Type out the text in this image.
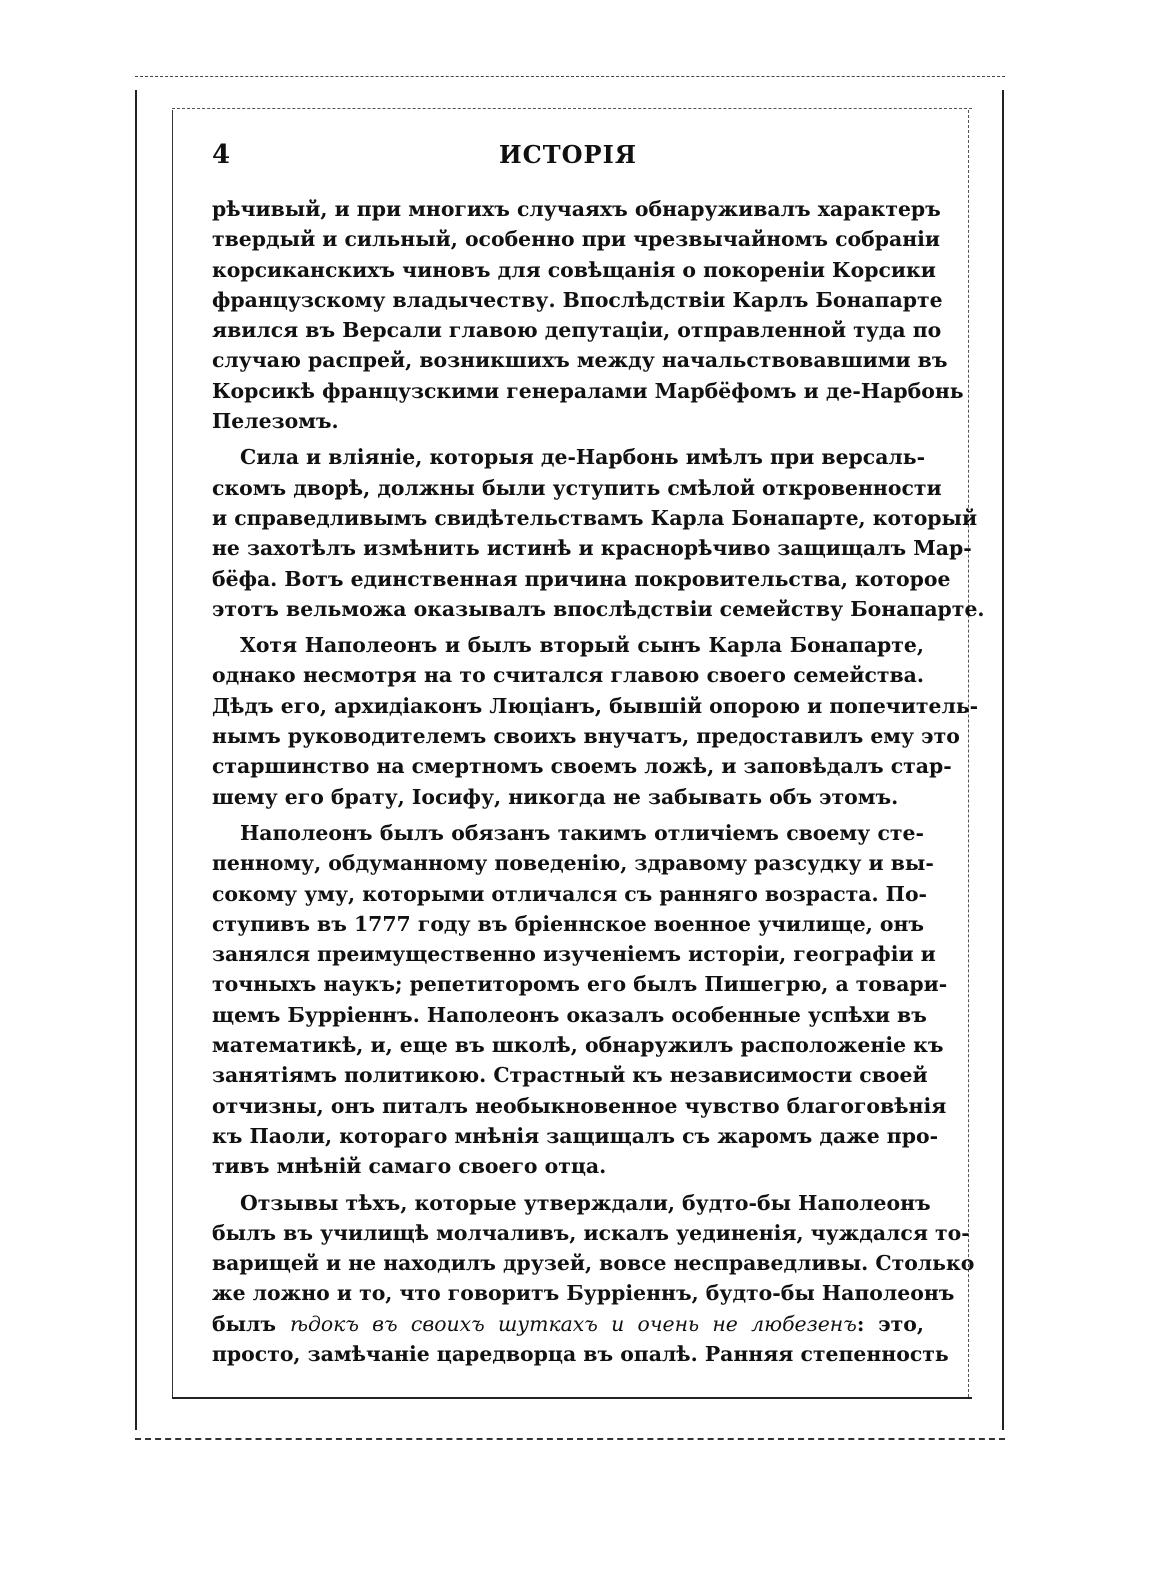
4	ИСТОРІЯ

рѣчивый, и при многихъ случаяхъ обнаруживалъ характеръ
твердый и сильный, особенно при чрезвычайномъ собраніи
корсиканскихъ чиновъ для совѣщанія о покореніи Корсики
французскому владычеству. Впослѣдствіи Карлъ Бонапарте
явился въ Версали главою депутаціи, отправленной туда по
случаю распрей, возникшихъ между начальствовавшими въ
Корсикѣ французскими генералами Марбёфомъ и де-Нарбонь
Пелезомъ.

Сила и вліяніе, которыя де-Нарбонь имѣлъ при версаль-
скомъ дворѣ, должны были уступить смѣлой откровенности
и справедливымъ свидѣтельствамъ Карла Бонапарте, который
не захотѣлъ измѣнить истинѣ и краснорѣчиво защищалъ Мар-
бёфа. Вотъ единственная причина покровительства, которое
этотъ вельможа оказывалъ впослѣдствіи семейству Бонапарте.

Хотя Наполеонъ и былъ вторый сынъ Карла Бонапарте,
однако несмотря на то считался главою своего семейства.
Дѣдъ его, архидіаконъ Люціанъ, бывшій опорою и попечитель-
нымъ руководителемъ своихъ внучатъ, предоставилъ ему это
старшинство на смертномъ своемъ ложѣ, и заповѣдалъ стар-
шему его брату, Іосифу, никогда не забывать объ этомъ.

Наполеонъ былъ обязанъ такимъ отличіемъ своему сте-
пенному, обдуманному поведенію, здравому разсудку и вы-
сокому уму, которыми отличался съ ранняго возраста. По-
ступивъ въ 1777 году въ бріеннское военное училище, онъ
занялся преимущественно изученіемъ исторіи, географіи и
точныхъ наукъ; репетиторомъ его былъ Пишегрю, а товари-
щемъ Бурріеннъ. Наполеонъ оказалъ особенные успѣхи въ
математикѣ, и, еще въ школѣ, обнаружилъ расположеніе къ
занятіямъ политикою. Страстный къ независимости своей
отчизны, онъ питалъ необыкновенное чувство благоговѣнія
къ Паоли, котораго мнѣнія защищалъ съ жаромъ даже про-
тивъ мнѣній самаго своего отца.

Отзывы тѣхъ, которые утверждали, будто-бы Наполеонъ
былъ въ училищѣ молчаливъ, искалъ уединенія, чуждался то-
варищей и не находилъ друзей, вовсе несправедливы. Столько
же ложно и то, что говоритъ Бурріеннъ, будто-бы Наполеонъ
былъ ѣдокъ въ своихъ шуткахъ и очень не любезенъ: это,
просто, замѣчаніе царедворца въ опалѣ. Ранняя степенность
